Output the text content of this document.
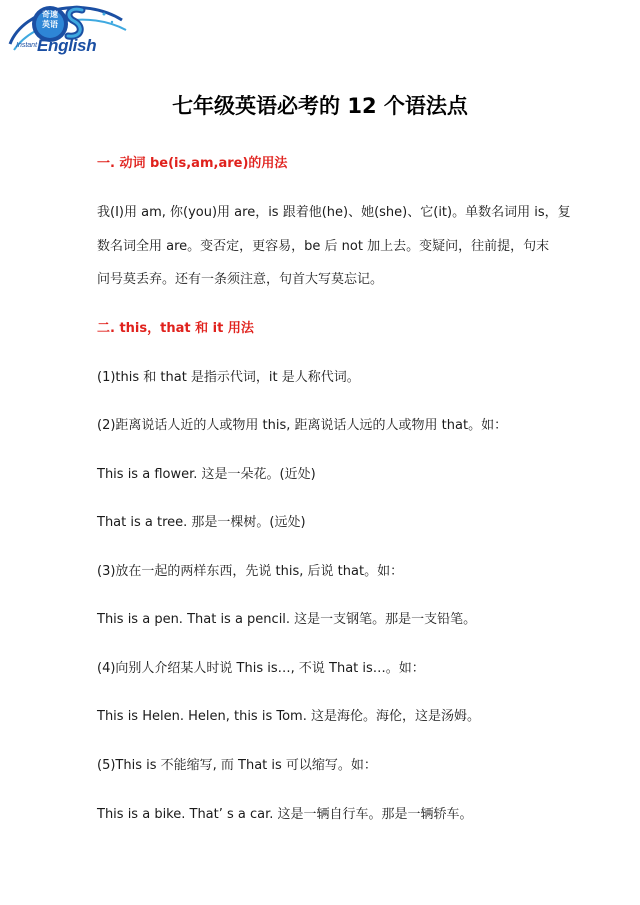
奇速
英语
Instant English
七年级英语必考的 12 个语法点

一. 动词 be(is,am,are)的用法

我(I)用 am, 你(you)用 are，is 跟着他(he)、她(she)、它(it)。单数名词用 is，复

数名词全用 are。变否定，更容易，be 后 not 加上去。变疑问，往前提，句末

问号莫丢弃。还有一条须注意，句首大写莫忘记。

二. this，that 和 it 用法

(1)this 和 that 是指示代词，it 是人称代词。

(2)距离说话人近的人或物用 this, 距离说话人远的人或物用 that。如：

This is a flower. 这是一朵花。(近处)

That is a tree. 那是一棵树。(远处)

(3)放在一起的两样东西，先说 this, 后说 that。如：

This is a pen. That is a pencil. 这是一支钢笔。那是一支铅笔。

(4)向别人介绍某人时说 This is…, 不说 That is…。如：

This is Helen. Helen, this is Tom. 这是海伦。海伦，这是汤姆。

(5)This is 不能缩写, 而 That is 可以缩写。如：

This is a bike. That’ s a car. 这是一辆自行车。那是一辆轿车。
